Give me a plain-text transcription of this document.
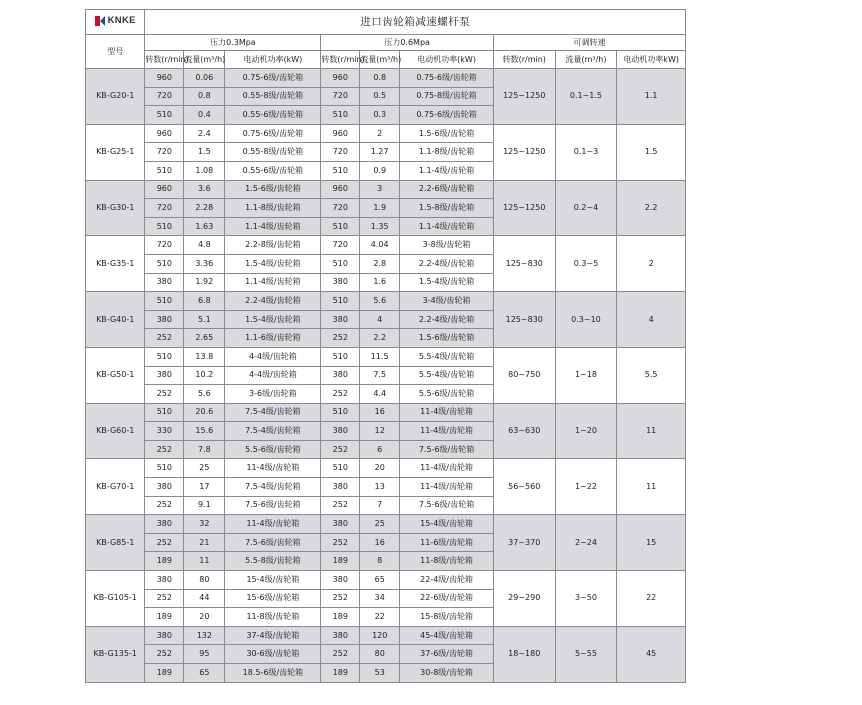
KNKE	进口齿轮箱减速螺杆泵								
型号	压力0.3Mpa			压力0.6Mpa			可调转速		
	转数(r/min)	流量(m³/h)	电动机功率(kW)	转数(r/min)	流量(m³/h)	电动机功率(kW)	转数(r/min)	流量(m³/h)	电动机功率kW)
KB-G20-1	960	0.06	0.75-6级/齿轮箱	960	0.8	0.75-6级/齿轮箱	125~1250	0.1~1.5	1.1
	720	0.8	0.55-8级/齿轮箱	720	0.5	0.75-8级/齿轮箱			
	510	0.4	0.55-6级/齿轮箱	510	0.3	0.75-6级/齿轮箱			
KB-G25-1	960	2.4	0.75-6级/齿轮箱	960	2	1.5-6级/齿轮箱	125~1250	0.1~3	1.5
	720	1.5	0.55-8级/齿轮箱	720	1.27	1.1-8级/齿轮箱			
	510	1.08	0.55-6级/齿轮箱	510	0.9	1.1-4级/齿轮箱			
KB-G30-1	960	3.6	1.5-6级/齿轮箱	960	3	2.2-6级/齿轮箱	125~1250	0.2~4	2.2
	720	2.28	1.1-8级/齿轮箱	720	1.9	1.5-8级/齿轮箱			
	510	1.63	1.1-4级/齿轮箱	510	1.35	1.1-4级/齿轮箱			
KB-G35-1	720	4.8	2.2-8级/齿轮箱	720	4.04	3-8级/齿轮箱	125~830	0.3~5	2
	510	3.36	1.5-4级/齿轮箱	510	2.8	2.2-4级/齿轮箱			
	380	1.92	1.1-4级/齿轮箱	380	1.6	1.5-4级/齿轮箱			
KB-G40-1	510	6.8	2.2-4级/齿轮箱	510	5.6	3-4级/齿轮箱	125~830	0.3~10	4
	380	5.1	1.5-4级/齿轮箱	380	4	2.2-4级/齿轮箱			
	252	2.65	1.1-6级/齿轮箱	252	2.2	1.5-6级/齿轮箱			
KB-G50-1	510	13.8	4-4级/齿轮箱	510	11.5	5.5-4级/齿轮箱	80~750	1~18	5.5
	380	10.2	4-4级/齿轮箱	380	7.5	5.5-4级/齿轮箱			
	252	5.6	3-6级/齿轮箱	252	4.4	5.5-6级/齿轮箱			
KB-G60-1	510	20.6	7.5-4级/齿轮箱	510	16	11-4级/齿轮箱	63~630	1~20	11
	330	15.6	7.5-4级/齿轮箱	380	12	11-4级/齿轮箱			
	252	7.8	5.5-6级/齿轮箱	252	6	7.5-6级/齿轮箱			
KB-G70-1	510	25	11-4级/齿轮箱	510	20	11-4级/齿轮箱	56~560	1~22	11
	380	17	7.5-4级/齿轮箱	380	13	11-4级/齿轮箱			
	252	9.1	7.5-6级/齿轮箱	252	7	7.5-6级/齿轮箱			
KB-G85-1	380	32	11-4级/齿轮箱	380	25	15-4级/齿轮箱	37~370	2~24	15
	252	21	7.5-6级/齿轮箱	252	16	11-6级/齿轮箱			
	189	11	5.5-8级/齿轮箱	189	8	11-8级/齿轮箱			
KB-G105-1	380	80	15-4级/齿轮箱	380	65	22-4级/齿轮箱	29~290	3~50	22
	252	44	15-6级/齿轮箱	252	34	22-6级/齿轮箱			
	189	20	11-8级/齿轮箱	189	22	15-8级/齿轮箱			
KB-G135-1	380	132	37-4级/齿轮箱	380	120	45-4级/齿轮箱	18~180	5~55	45
	252	95	30-6级/齿轮箱	252	80	37-6级/齿轮箱			
	189	65	18.5-6级/齿轮箱	189	53	30-8级/齿轮箱			
